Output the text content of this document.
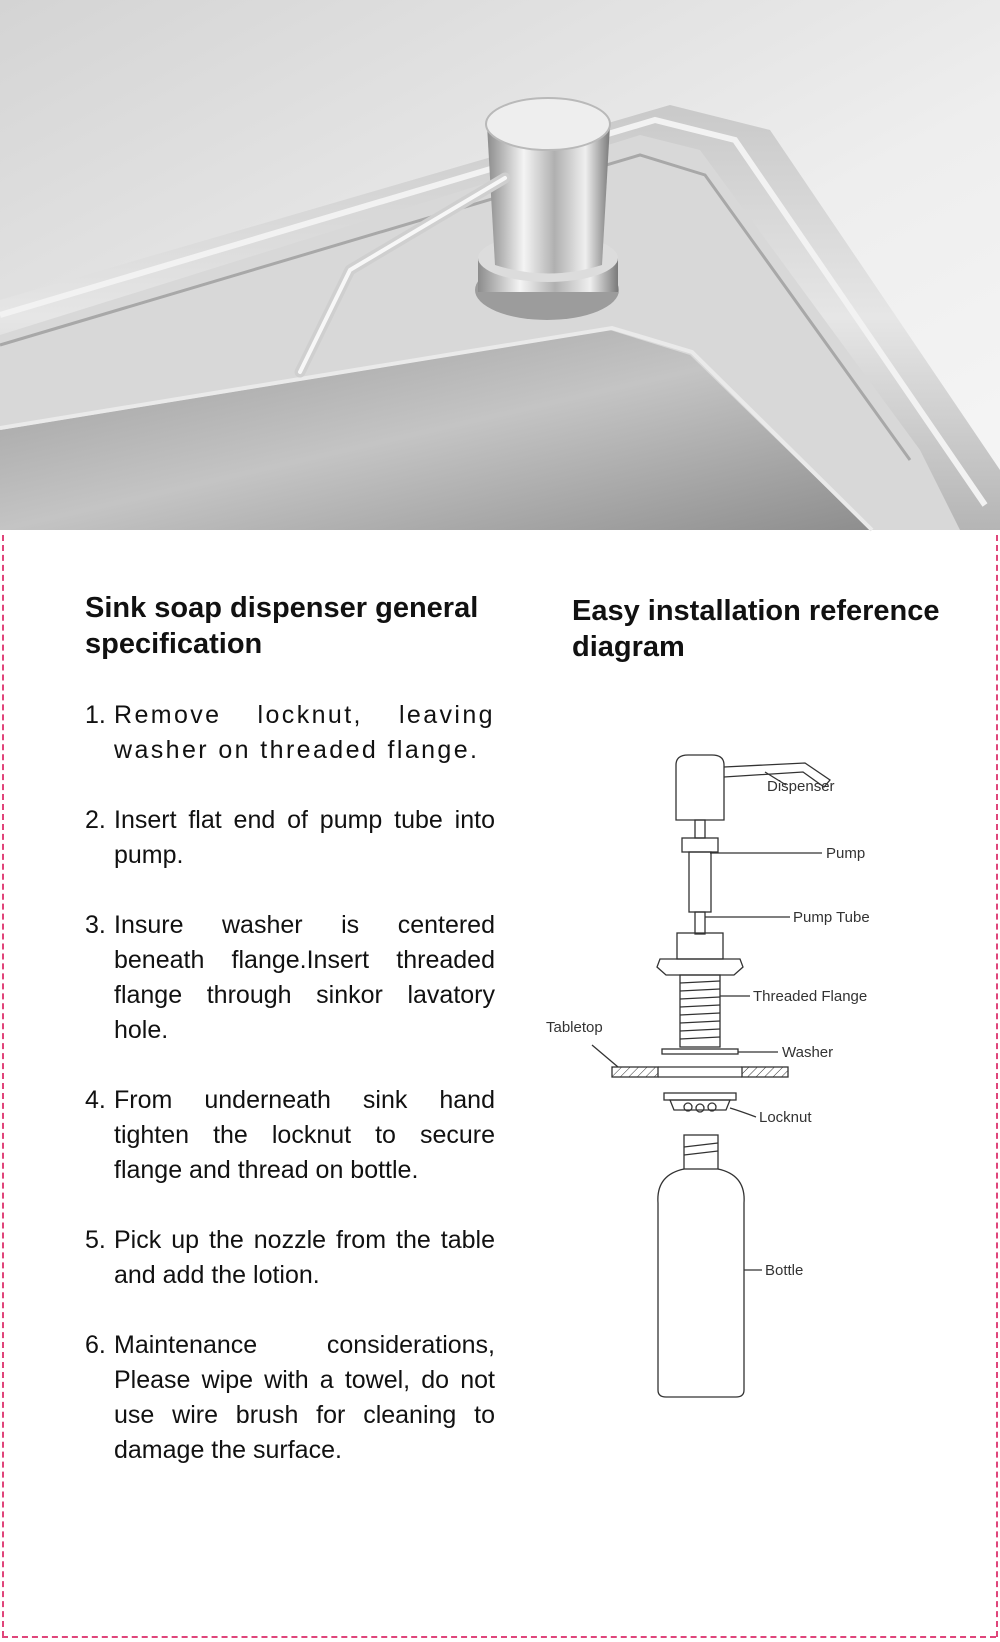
Sink soap dispenser general specification
1. Remove locknut, leaving washer on threaded flange.
2. Insert flat end of pump tube into pump.
3. Insure washer is centered beneath flange.Insert threaded flange through sinkor lavatory hole.
4. From underneath sink hand tighten the locknut to secure flange and thread on bottle.
5. Pick up the nozzle from the table and add the lotion.
6. Maintenance considerations, Please wipe with a towel, do not use wire brush for cleaning to damage the surface.
Easy installation reference diagram
Dispenser
Pump
Pump Tube
Threaded Flange
Tabletop
Washer
Locknut
Bottle
